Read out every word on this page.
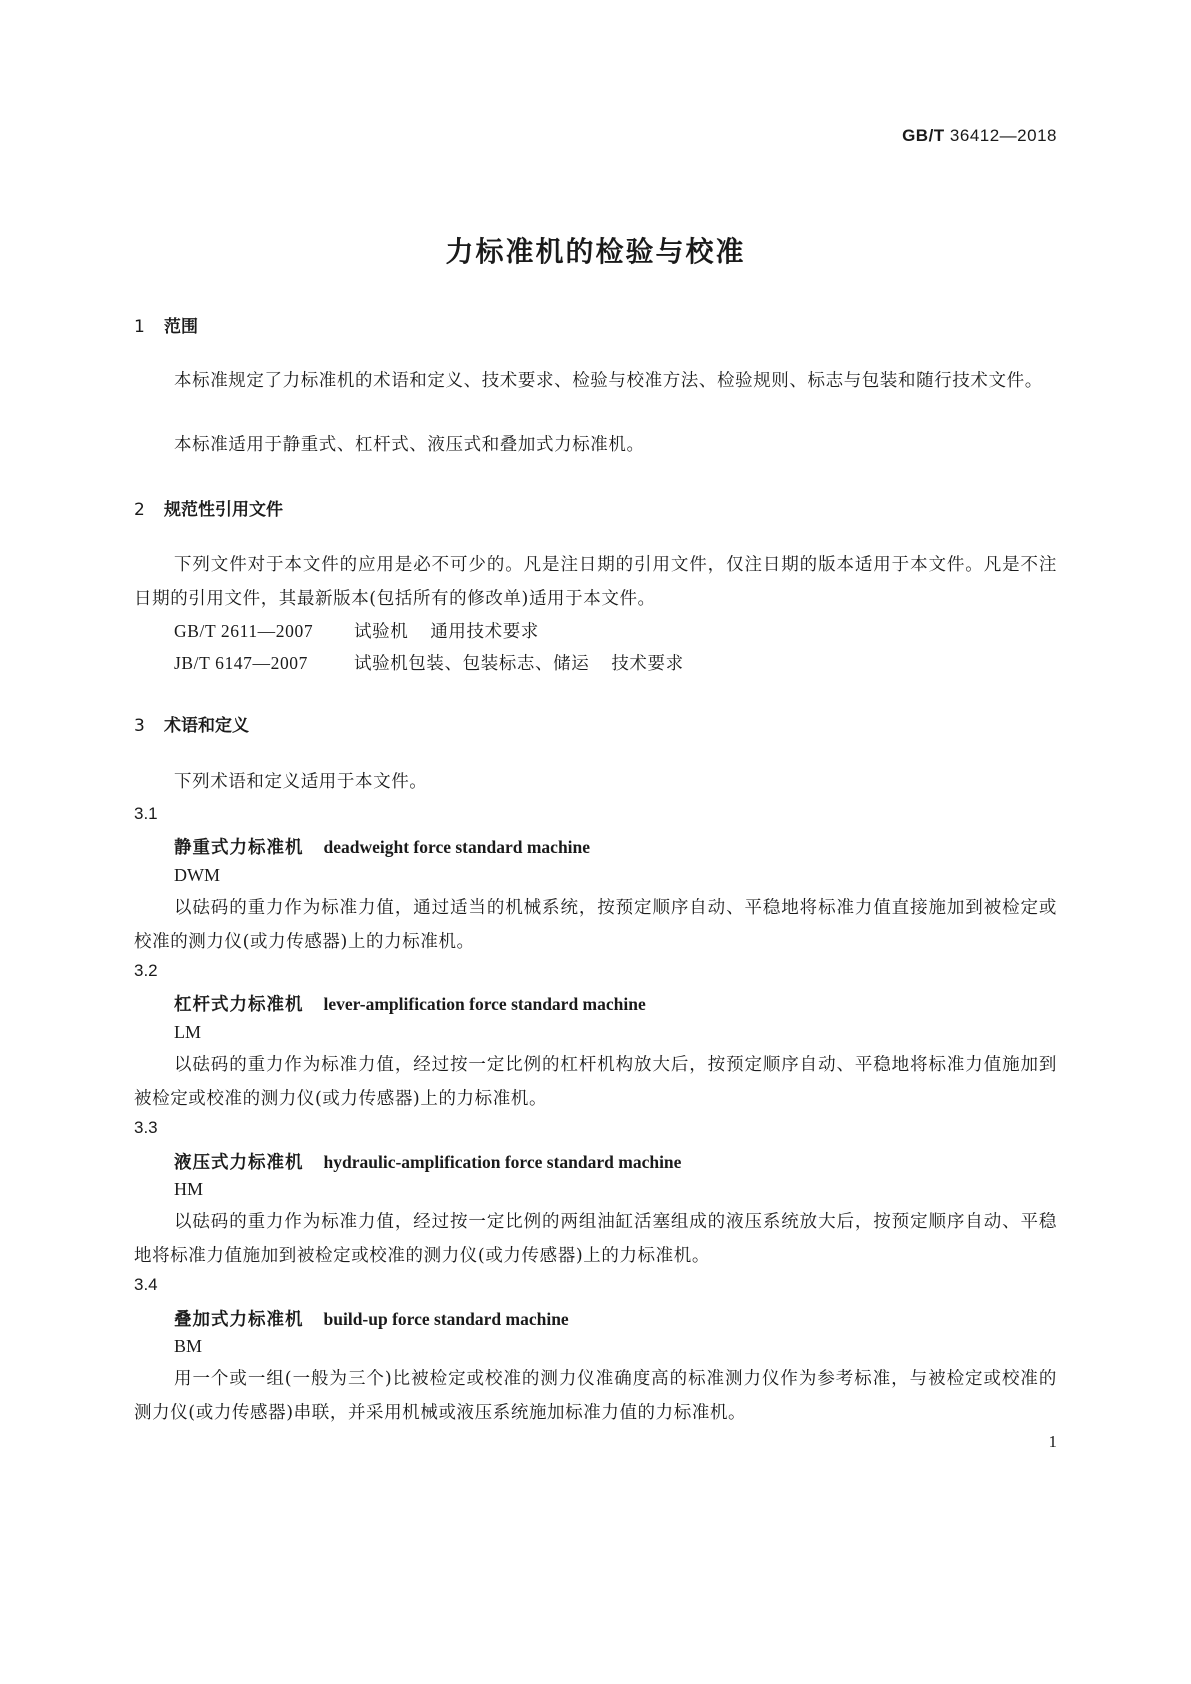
GB/T 36412—2018
力标准机的检验与校准
1 范围

本标准规定了力标准机的术语和定义、技术要求、检验与校准方法、检验规则、标志与包装和随行技术文件。

本标准适用于静重式、杠杆式、液压式和叠加式力标准机。

2 规范性引用文件

下列文件对于本文件的应用是必不可少的。凡是注日期的引用文件，仅注日期的版本适用于本文件。凡是不注日期的引用文件，其最新版本(包括所有的修改单)适用于本文件。

GB/T 2611—2007 试验机 通用技术要求
JB/T 6147—2007	试验机包装、包装标志、储运 技术要求
3 术语和定义

下列术语和定义适用于本文件。

3.1
静重式力标准机 deadweight force standard machine
DWM

以砝码的重力作为标准力值，通过适当的机械系统，按预定顺序自动、平稳地将标准力值直接施加到被检定或校准的测力仪(或力传感器)上的力标准机。

3.2
杠杆式力标准机 lever-amplification force standard machine
LM

以砝码的重力作为标准力值，经过按一定比例的杠杆机构放大后，按预定顺序自动、平稳地将标准力值施加到被检定或校准的测力仪(或力传感器)上的力标准机。

3.3
液压式力标准机 hydraulic-amplification force standard machine
HM

以砝码的重力作为标准力值，经过按一定比例的两组油缸活塞组成的液压系统放大后，按预定顺序自动、平稳地将标准力值施加到被检定或校准的测力仪(或力传感器)上的力标准机。

3.4
叠加式力标准机 build-up force standard machine
BM

用一个或一组(一般为三个)比被检定或校准的测力仪准确度高的标准测力仪作为参考标准，与被检定或校准的测力仪(或力传感器)串联，并采用机械或液压系统施加标准力值的力标准机。

1
